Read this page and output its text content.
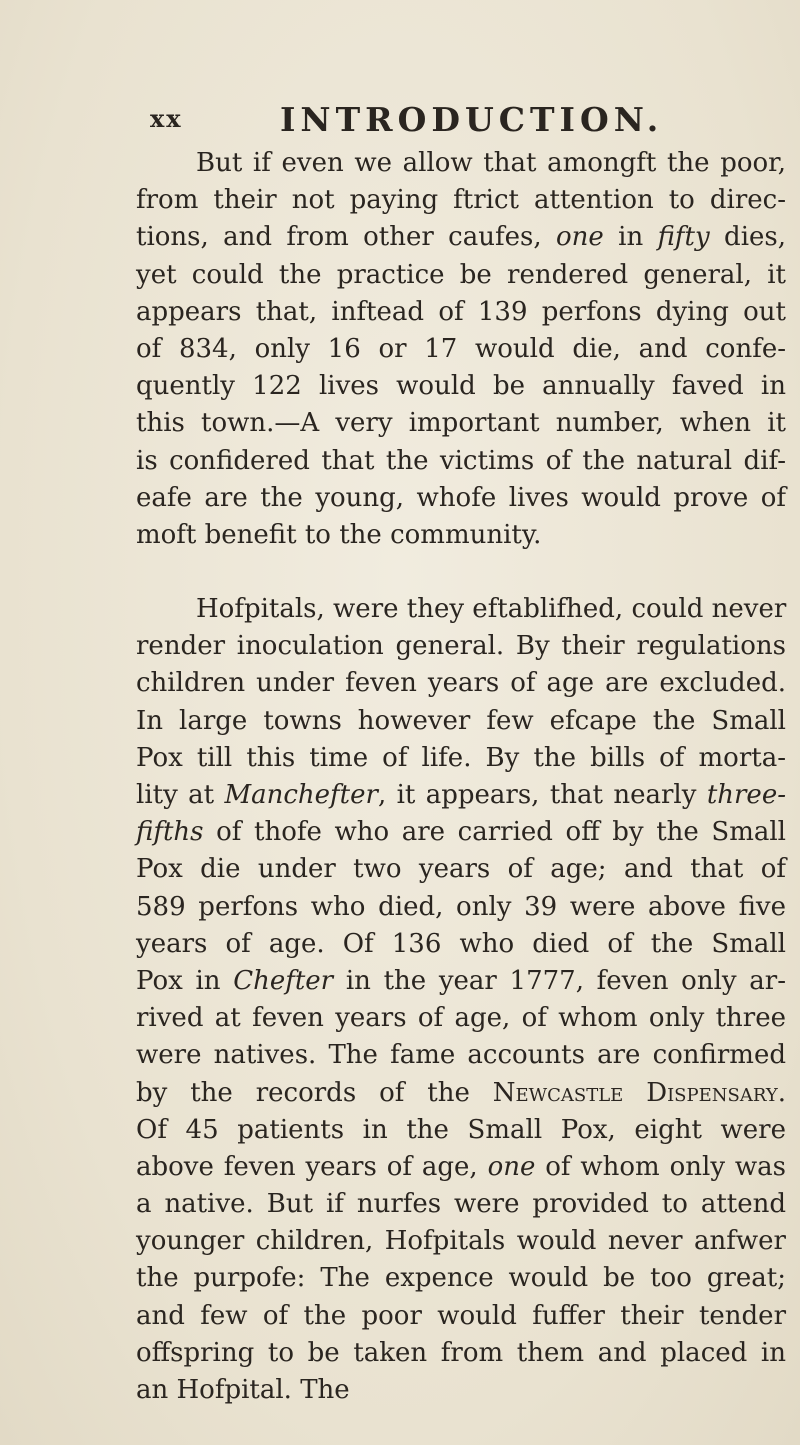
xx	INTRODUCTION.
But if even we allow that amongft the poor,
from their not paying ftrict attention to direc-
tions, and from other caufes, one in fifty dies,
yet could the practice be rendered general, it
appears that, inftead of 139 perfons dying out
of 834, only 16 or 17 would die, and confe-
quently 122 lives would be annually faved in
this town.—A very important number, when it
is confidered that the victims of the natural dif-
eafe are the young, whofe lives would prove of
moft benefit to the community.
Hofpitals, were they eftablifhed, could never
render inoculation general. By their regulations
children under feven years of age are excluded.
In large towns however few efcape the Small
Pox till this time of life. By the bills of morta-
lity at Manchefter, it appears, that nearly three-
fifths of thofe who are carried off by the Small
Pox die under two years of age; and that of
589 perfons who died, only 39 were above five
years of age. Of 136 who died of the Small
Pox in Chefter in the year 1777, feven only ar-
rived at feven years of age, of whom only three
were natives. The fame accounts are confirmed
by the records of the Newcastle Dispensary.
Of 45 patients in the Small Pox, eight were
above feven years of age, one of whom only was
a native. But if nurfes were provided to attend
younger children, Hofpitals would never anfwer
the purpofe: The expence would be too great;
and few of the poor would fuffer their tender
offspring to be taken from them and placed in
an Hofpital. The
